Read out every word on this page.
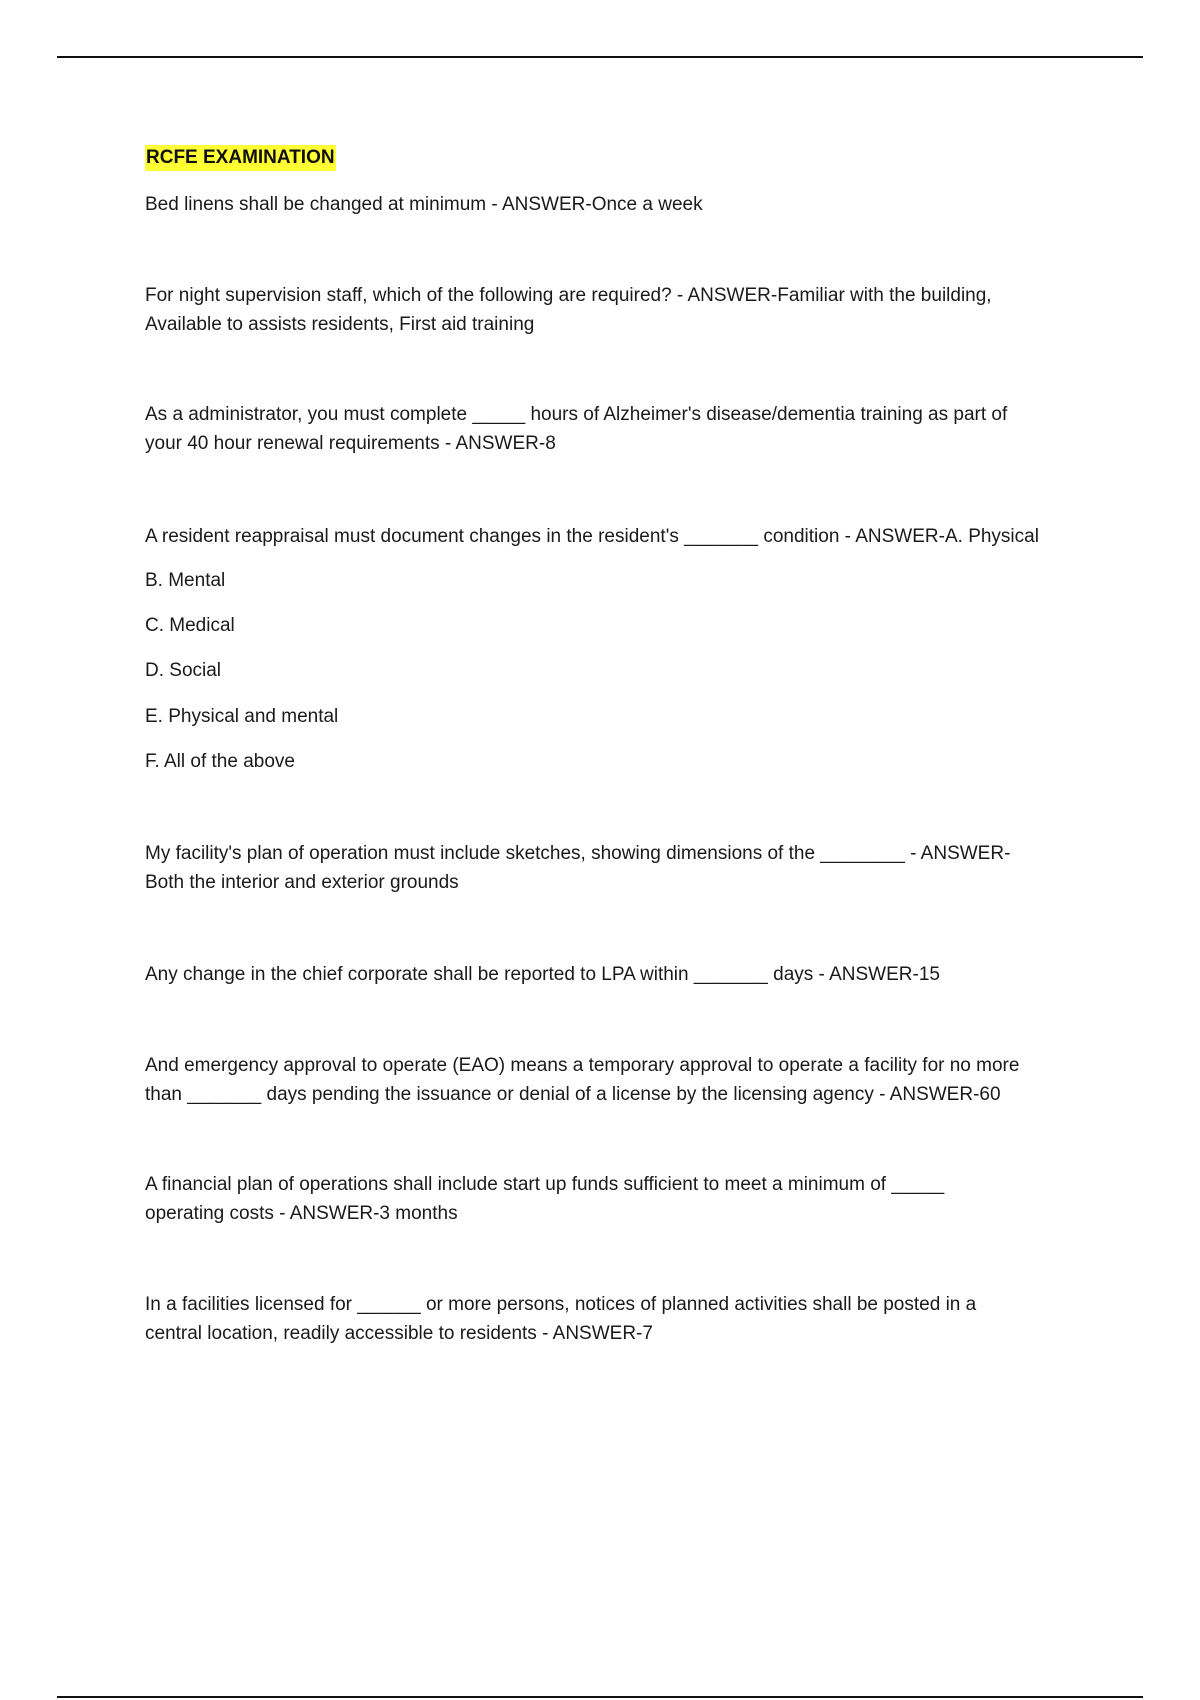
RCFE EXAMINATION

Bed linens shall be changed at minimum - ANSWER-Once a week

For night supervision staff, which of the following are required? - ANSWER-Familiar with the building,
Available to assists residents, First aid training

As a administrator, you must complete _____ hours of Alzheimer's disease/dementia training as part of
your 40 hour renewal requirements - ANSWER-8

A resident reappraisal must document changes in the resident's _______ condition - ANSWER-A. Physical

B. Mental

C. Medical

D. Social

E. Physical and mental

F. All of the above

My facility's plan of operation must include sketches, showing dimensions of the ________ - ANSWER-
Both the interior and exterior grounds

Any change in the chief corporate shall be reported to LPA within _______ days - ANSWER-15

And emergency approval to operate (EAO) means a temporary approval to operate a facility for no more
than _______ days pending the issuance or denial of a license by the licensing agency - ANSWER-60

A financial plan of operations shall include start up funds sufficient to meet a minimum of _____
operating costs - ANSWER-3 months

In a facilities licensed for ______ or more persons, notices of planned activities shall be posted in a
central location, readily accessible to residents - ANSWER-7
